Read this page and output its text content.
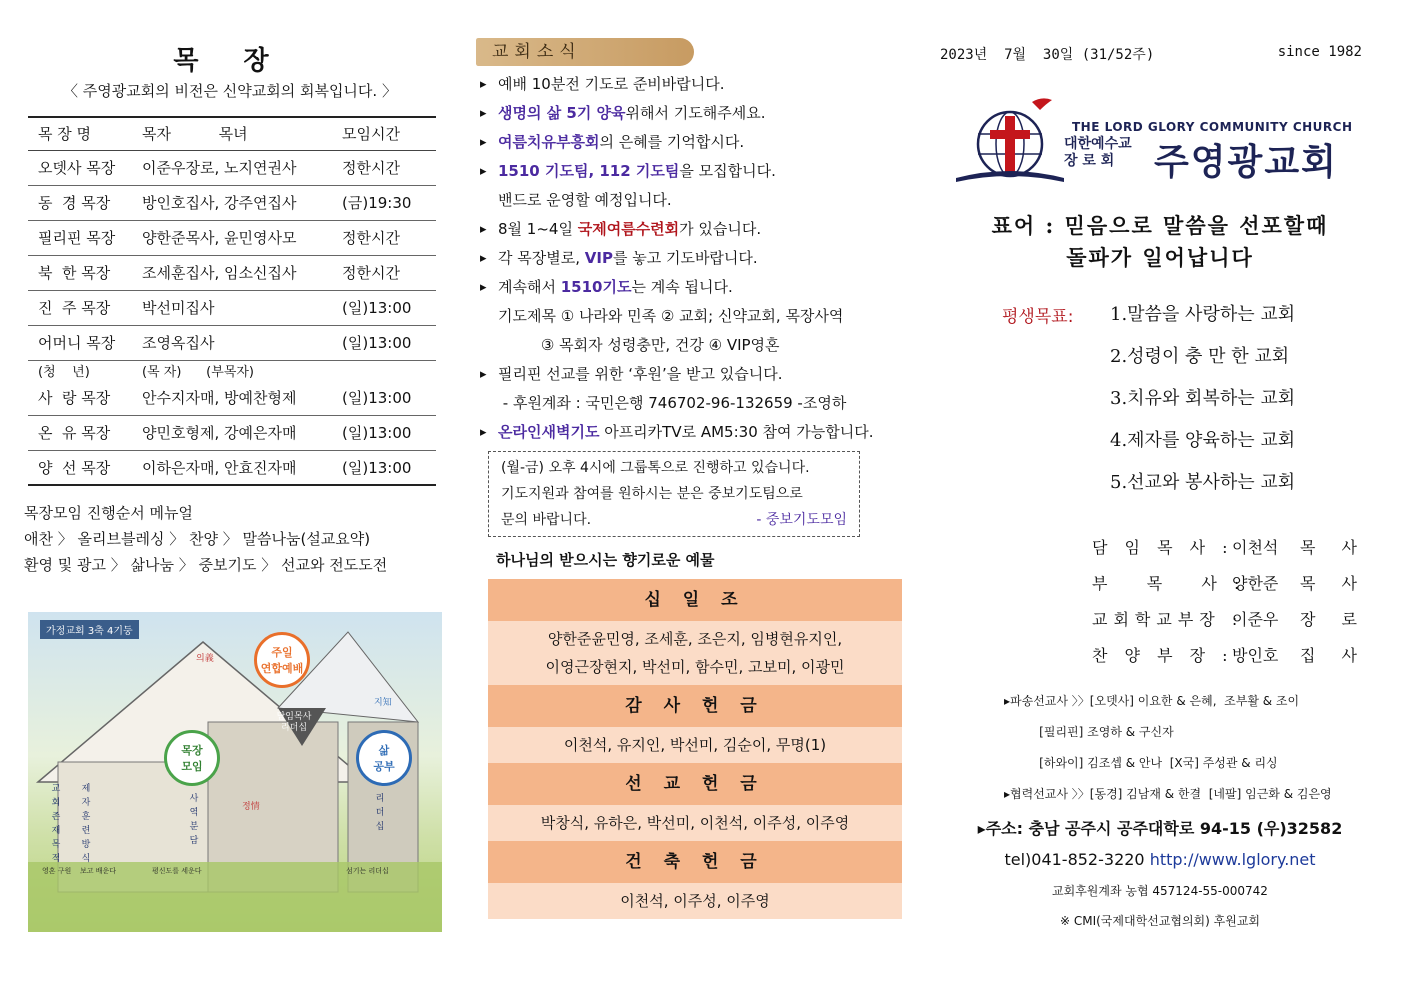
목 장
〈 주영광교회의 비전은 신약교회의 회복입니다. 〉
목 장 명	목자          목녀	모임시간
오뎃사 목장	이준우장로, 노지연권사	정한시간
동  경 목장	방인호집사, 강주연집사	(금)19:30
필리핀 목장	양한준목사, 윤민영사모	정한시간
북  한 목장	조세훈집사, 임소신집사	정한시간
진  주 목장	박선미집사	(일)13:00
어머니 목장	조영옥집사	(일)13:00
(청    년)	(목 자)      (부목자)	
사  랑 목장	안수지자매, 방예찬형제	(일)13:00
온  유 목장	양민호형제, 강예은자매	(일)13:00
양  선 목장	이하은자매, 안효진자매	(일)13:00
목장모임 진행순서 메뉴얼
애찬 〉 올리브블레싱 〉 찬양 〉 말씀나눔(설교요약)
환영 및 광고 〉 삶나눔 〉 중보기도 〉 선교와 전도도전
가정교회 3축 4기둥
주일
연합예배
목장
모임
삶
공부
담임목사
리더십
의義
정情
지知
교회존재목적
제자훈련방식
사역분담
리더십
영혼 구원 보고 배운다	평신도를 세운다	섬기는 리더십
교회소식
▸ 예배 10분전 기도로 준비바랍니다.
▸ 생명의 삶 5기 양육위해서 기도해주세요.
▸ 여름치유부흥회의 은혜를 기억합시다.
▸ 1510 기도팀, 112 기도팀을 모집합니다.
밴드로 운영할 예정입니다.
▸ 8월 1~4일 국제여름수련회가 있습니다.
▸ 각 목장별로, VIP를 놓고 기도바랍니다.
▸ 계속해서 1510기도는 계속 됩니다.
기도제목 ① 나라와 민족 ② 교회; 신약교회, 목장사역
③ 목회자 성령충만, 건강 ④ VIP영혼
▸ 필리핀 선교를 위한 ‘후원’을 받고 있습니다.
- 후원계좌 : 국민은행 746702-96-132659 -조영하
▸ 온라인새벽기도 아프리카TV로 AM5:30 참여 가능합니다.
(월-금) 오후 4시에 그룹톡으로 진행하고 있습니다.
기도지원과 참여를 원하시는 분은 중보기도팀으로
문의 바랍니다.	- 중보기도모임
하나님의 받으시는 향기로운 예물
십 일 조
양한준윤민영, 조세훈, 조은지, 임병현유지인,
이영근장현지, 박선미, 함수민, 고보미, 이광민
감 사 헌 금
이천석, 유지인, 박선미, 김순이, 무명(1)
선 교 헌 금
박창식, 유하은, 박선미, 이천석, 이주성, 이주영
건 축 헌 금
이천석, 이주성, 이주영
2023년  7월  30일 (31/52주)	since 1982
THE LORD GLORY COMMUNITY CHURCH
대한예수교
장 로 회	주영광교회
표어 : 믿음으로 말씀을 선포할때
돌파가 일어납니다
평생목표: 1.말씀을 사랑하는 교회
2.성령이 충 만 한 교회
3.치유와 회복하는 교회
4.제자를 양육하는 교회
5.선교와 봉사하는 교회
담 임 목 사 :
이천석 목사
부   목   사 :
양한준 목사
교회학교부장 :
이준우 장로
찬 양 부 장 :
방인호 집사
▸파송선교사 〉〉[오뎃사] 이요한 & 은혜,  조부활 & 조이
[필리핀] 조영하 & 구신자
[하와이] 김조셉 & 안나  [X국] 주성관 & 리싱
▸협력선교사 〉〉[동경] 김남재 & 한결  [네팔] 임근화 & 김은영
▸주소: 충남 공주시 공주대학로 94-15 (우)32582
tel)041-852-3220 http://www.lglory.net
교회후원계좌 농협 457124-55-000742
※ CMI(국제대학선교협의회) 후원교회
